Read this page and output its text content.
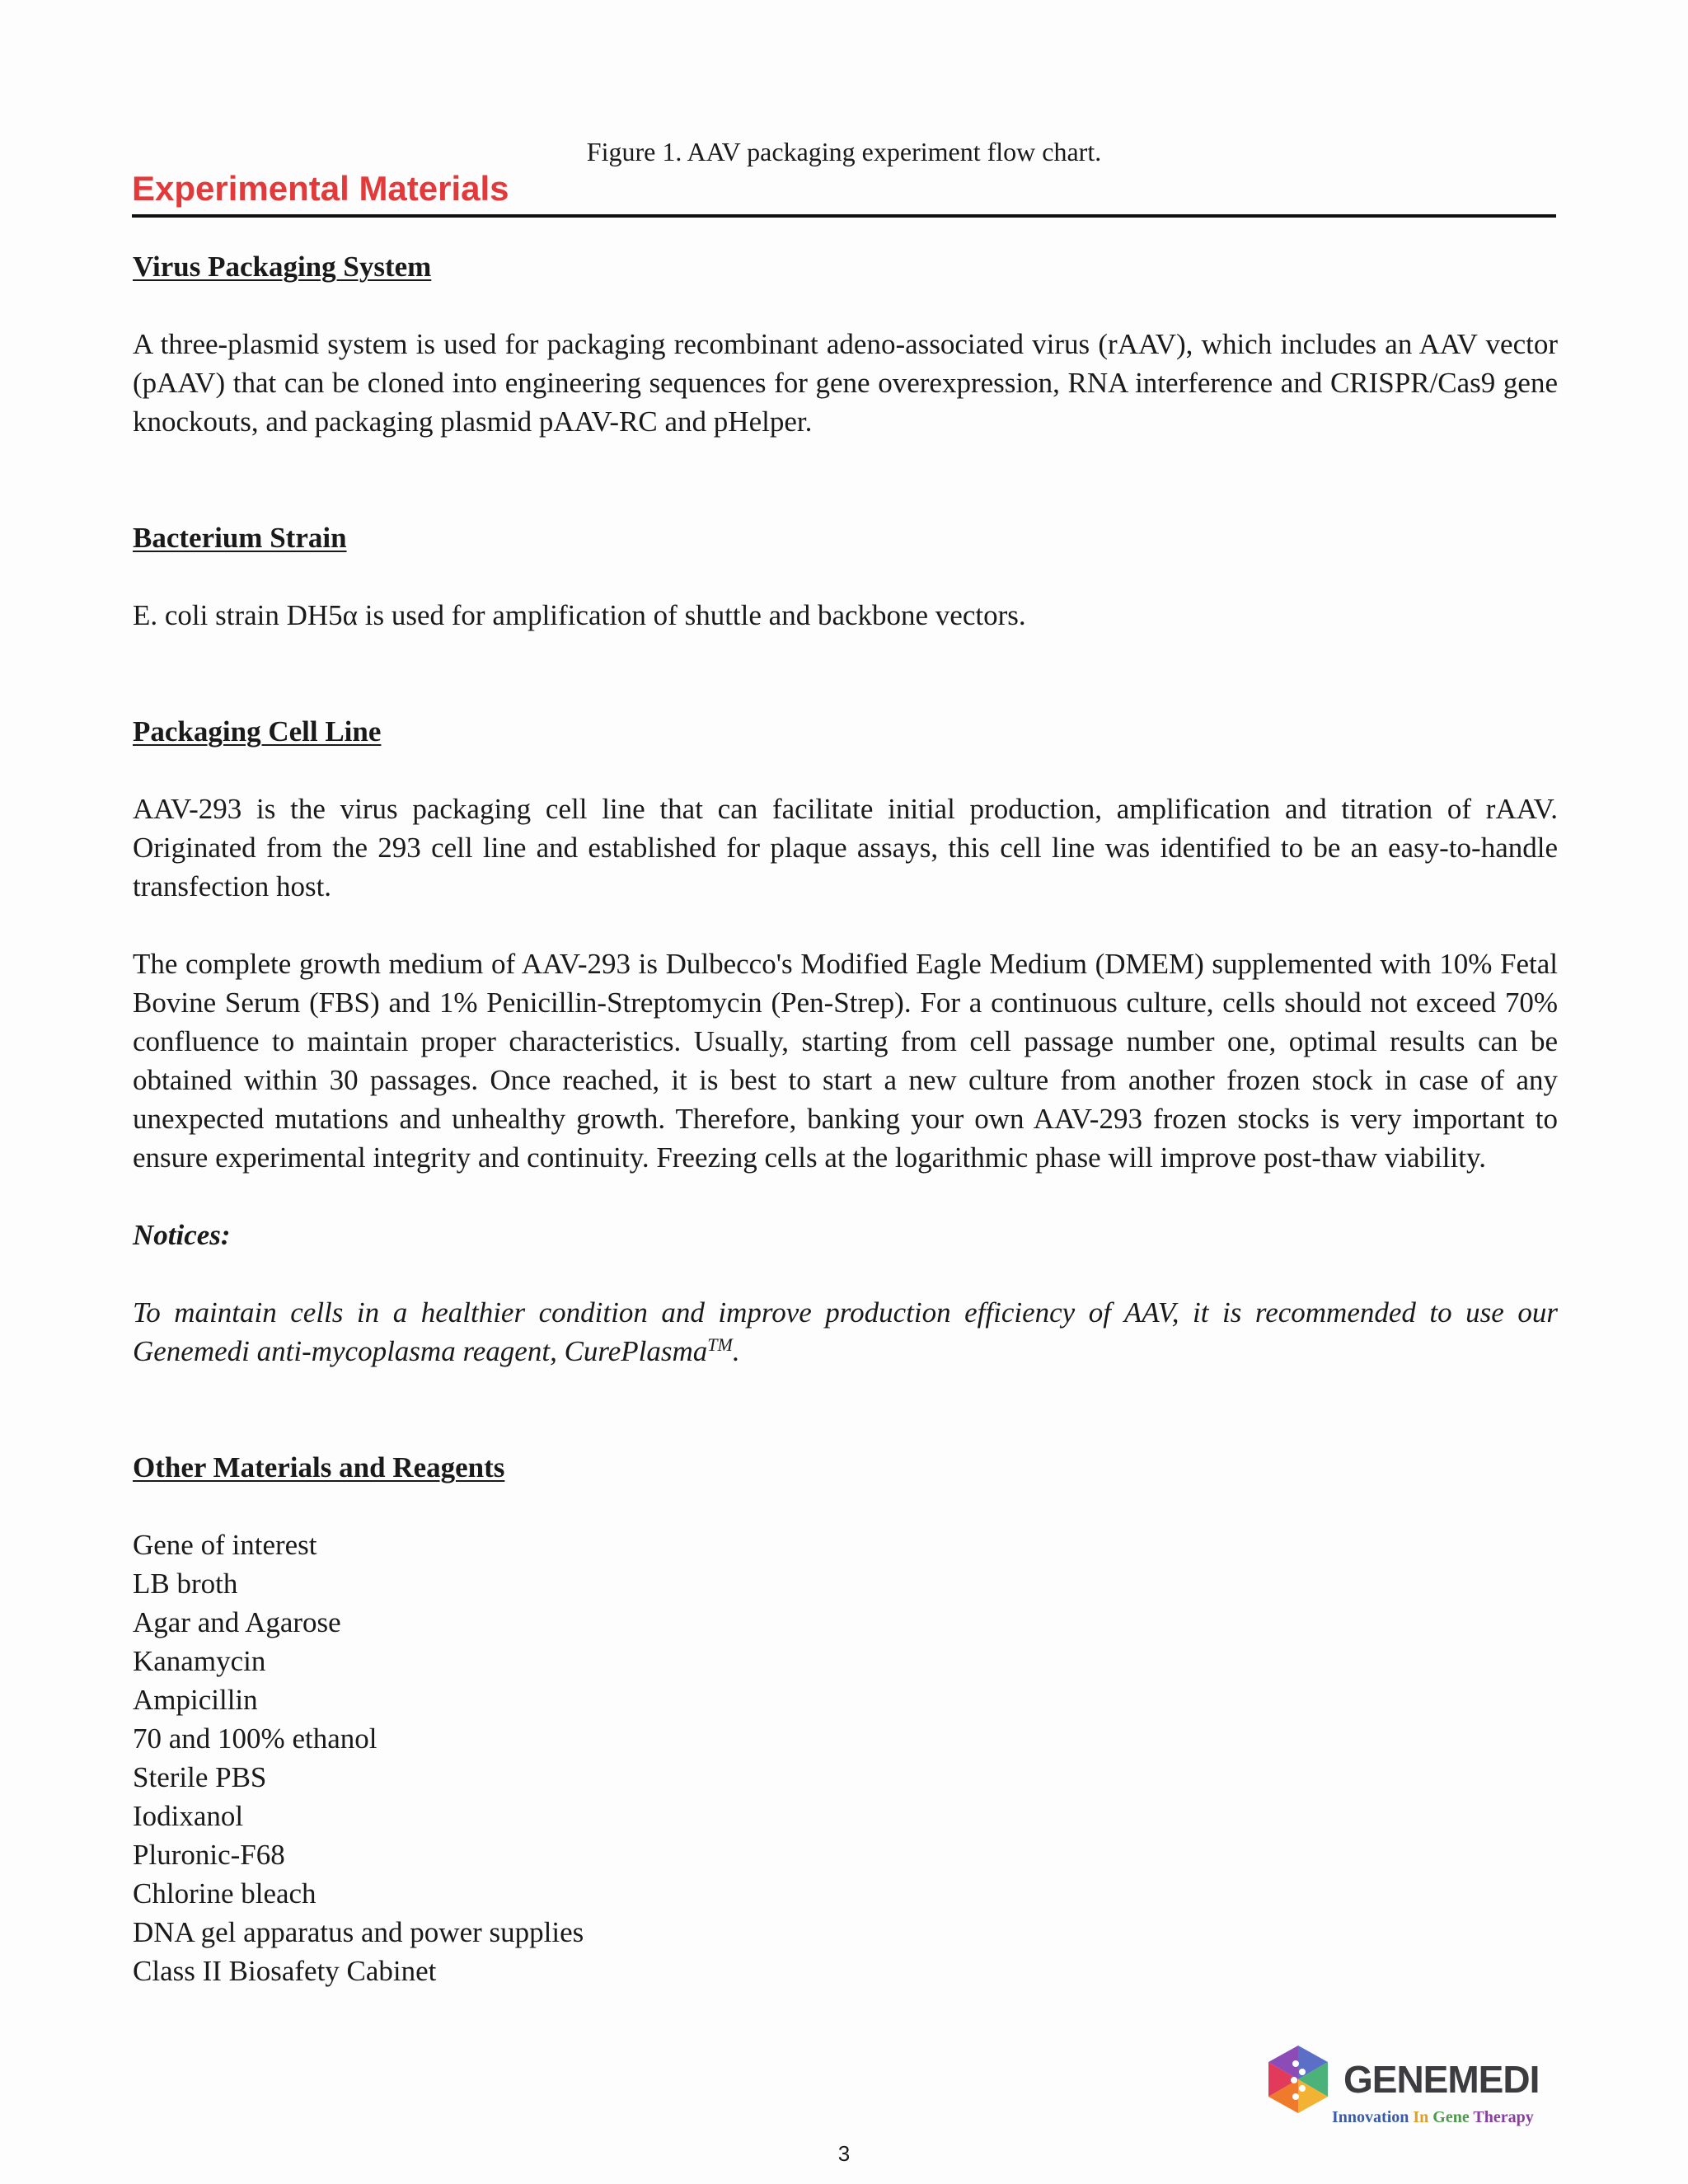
Figure 1. AAV packaging experiment flow chart.
Experimental Materials
Virus Packaging System

A three-plasmid system is used for packaging recombinant adeno-associated virus (rAAV), which includes an AAV vector (pAAV) that can be cloned into engineering sequences for gene overexpression, RNA interference and CRISPR/Cas9 gene knockouts, and packaging plasmid pAAV-RC and pHelper.

Bacterium Strain

E. coli strain DH5α is used for amplification of shuttle and backbone vectors.

Packaging Cell Line

AAV-293 is the virus packaging cell line that can facilitate initial production, amplification and titration of rAAV. Originated from the 293 cell line and established for plaque assays, this cell line was identified to be an easy-to-handle transfection host.

The complete growth medium of AAV-293 is Dulbecco's Modified Eagle Medium (DMEM) supplemented with 10% Fetal Bovine Serum (FBS) and 1% Penicillin-Streptomycin (Pen-Strep). For a continuous culture, cells should not exceed 70% confluence to maintain proper characteristics. Usually, starting from cell passage number one, optimal results can be obtained within 30 passages. Once reached, it is best to start a new culture from another frozen stock in case of any unexpected mutations and unhealthy growth. Therefore, banking your own AAV-293 frozen stocks is very important to ensure experimental integrity and continuity. Freezing cells at the logarithmic phase will improve post-thaw viability.

Notices:

To maintain cells in a healthier condition and improve production efficiency of AAV, it is recommended to use our Genemedi anti-mycoplasma reagent, CurePlasma™.

Other Materials and Reagents
Gene of interest
LB broth
Agar and Agarose
Kanamycin
Ampicillin
70 and 100% ethanol
Sterile PBS
Iodixanol
Pluronic-F68
Chlorine bleach
DNA gel apparatus and power supplies
Class II Biosafety Cabinet
GENEMEDI
Innovation In Gene Therapy
3
